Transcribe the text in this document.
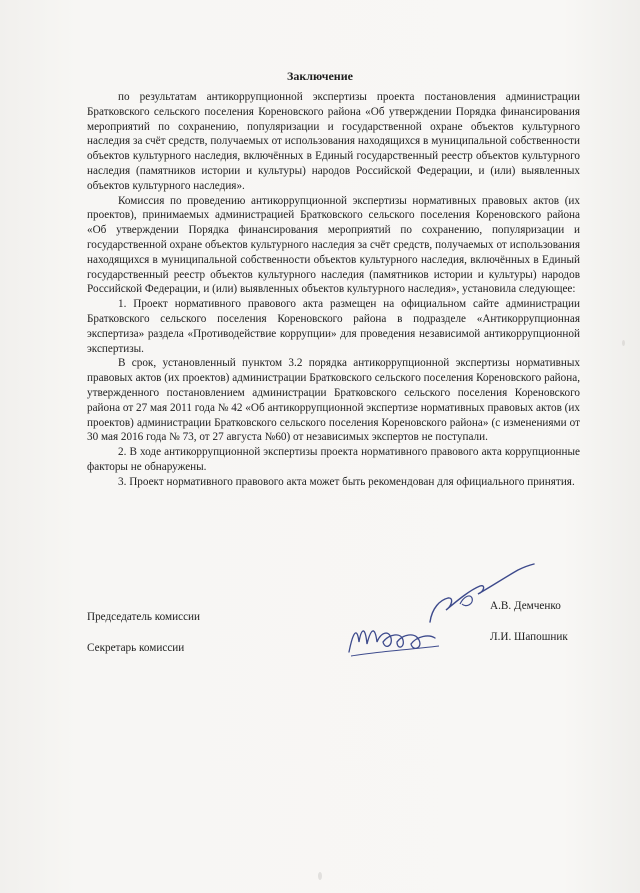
Заключение

по результатам антикоррупционной экспертизы проекта постановления администрации Братковского сельского поселения Кореновского района «Об утверждении Порядка финансирования мероприятий по сохранению, популяризации и государственной охране объектов культурного наследия за счёт средств, получаемых от использования находящихся в муниципальной собственности объектов культурного наследия, включённых в Единый государственный реестр объектов культурного наследия (памятников истории и культуры) народов Российской Федерации, и (или) выявленных объектов культурного наследия».

Комиссия по проведению антикоррупционной экспертизы нормативных правовых актов (их проектов), принимаемых администрацией Братковского сельского поселения Кореновского района «Об утверждении Порядка финансирования мероприятий по сохранению, популяризации и государственной охране объектов культурного наследия за счёт средств, получаемых от использования находящихся в муниципальной собственности объектов культурного наследия, включённых в Единый государственный реестр объектов культурного наследия (памятников истории и культуры) народов Российской Федерации, и (или) выявленных объектов культурного наследия», установила следующее:

1. Проект нормативного правового акта размещен на официальном сайте администрации Братковского сельского поселения Кореновского района в подразделе «Антикоррупционная экспертиза» раздела «Противодействие коррупции» для проведения независимой антикоррупционной экспертизы.

В срок, установленный пунктом 3.2 порядка антикоррупционной экспертизы нормативных правовых актов (их проектов) администрации Братковского сельского поселения Кореновского района, утвержденного постановлением администрации Братковского сельского поселения Кореновского района от 27 мая 2011 года № 42 «Об антикоррупционной экспертизе нормативных правовых актов (их проектов) администрации Братковского сельского поселения Кореновского района» (с изменениями от 30 мая 2016 года № 73, от 27 августа №60) от независимых экспертов не поступали.

2. В ходе антикоррупционной экспертизы проекта нормативного правового акта коррупционные факторы не обнаружены.

3. Проект нормативного правового акта может быть рекомендован для официального принятия.

Председатель комиссии
А.В. Демченко
Секретарь комиссии
Л.И. Шапошник
